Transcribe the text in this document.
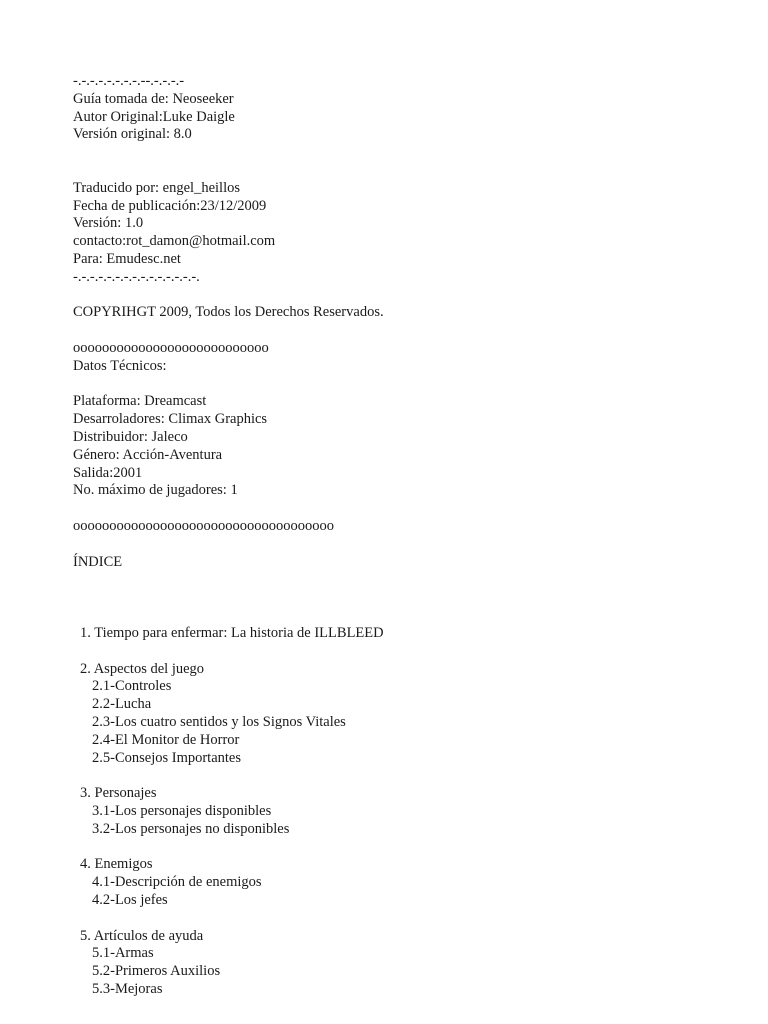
-.-.-.-.-.-.-.-.--.-.-.-.-
Guía tomada de: Neoseeker
Autor Original:Luke Daigle
Versión original: 8.0
Traducido por: engel_heillos
Fecha de publicación:23/12/2009
Versión: 1.0
contacto:rot_damon@hotmail.com
Para: Emudesc.net
-.-.-.-.-.-.-.-.-.-.-.-.-.-.-.
COPYRIHGT 2009, Todos los Derechos Reservados.
ooooooooooooooooooooooooooo
Datos Técnicos:
Plataforma: Dreamcast
Desarroladores: Climax Graphics
Distribuidor: Jaleco
Género: Acción-Aventura
Salida:2001
No. máximo de jugadores: 1
oooooooooooooooooooooooooooooooooooo
ÍNDICE
1. Tiempo para enfermar: La historia de ILLBLEED
2. Aspectos del juego
2.1-Controles
2.2-Lucha
2.3-Los cuatro sentidos y los Signos Vitales
2.4-El Monitor de Horror
2.5-Consejos Importantes
3. Personajes
3.1-Los personajes disponibles
3.2-Los personajes no disponibles
4. Enemigos
4.1-Descripción de enemigos
4.2-Los jefes
5. Artículos de ayuda
5.1-Armas
5.2-Primeros Auxilios
5.3-Mejoras
